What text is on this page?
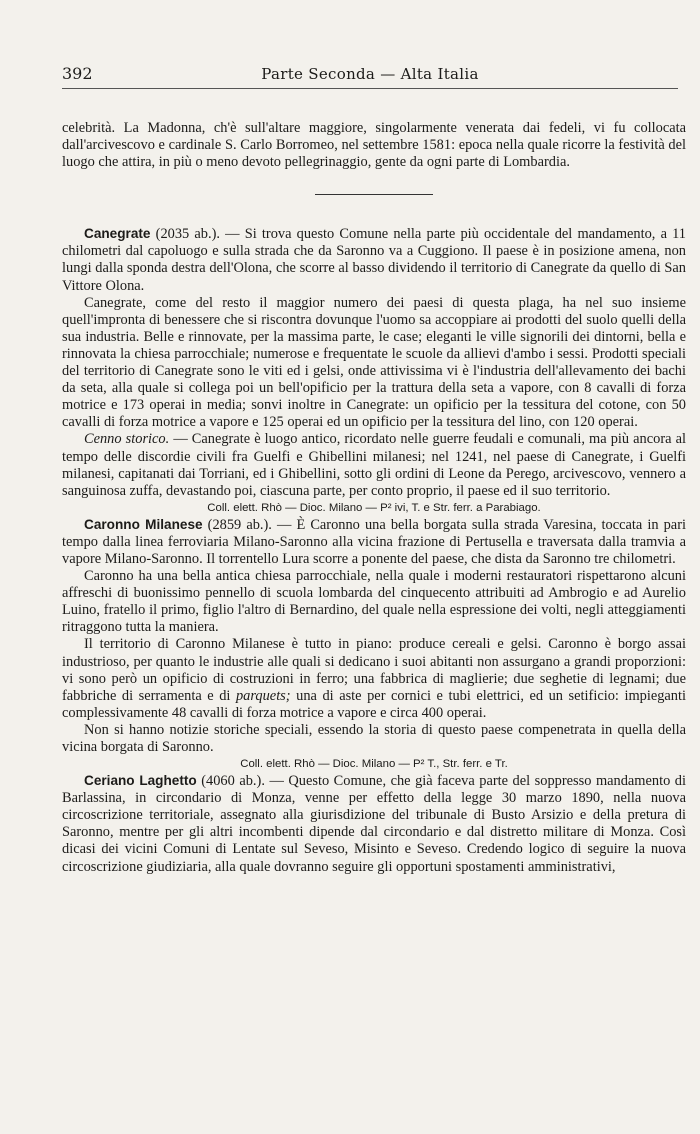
392	Parte Seconda — Alta Italia

celebrità. La Madonna, ch'è sull'altare maggiore, singolarmente venerata dai fedeli, vi fu collocata dall'arcivescovo e cardinale S. Carlo Borromeo, nel settembre 1581: epoca nella quale ricorre la festività del luogo che attira, in più o meno devoto pellegrinaggio, gente da ogni parte di Lombardia.

Canegrate (2035 ab.). — Si trova questo Comune nella parte più occidentale del mandamento, a 11 chilometri dal capoluogo e sulla strada che da Saronno va a Cuggiono. Il paese è in posizione amena, non lungi dalla sponda destra dell'Olona, che scorre al basso dividendo il territorio di Canegrate da quello di San Vittore Olona.

Canegrate, come del resto il maggior numero dei paesi di questa plaga, ha nel suo insieme quell'impronta di benessere che si riscontra dovunque l'uomo sa accoppiare ai prodotti del suolo quelli della sua industria. Belle e rinnovate, per la massima parte, le case; eleganti le ville signorili dei dintorni, bella e rinnovata la chiesa parrocchiale; numerose e frequentate le scuole da allievi d'ambo i sessi. Prodotti speciali del territorio di Canegrate sono le viti ed i gelsi, onde attivissima vi è l'industria dell'allevamento dei bachi da seta, alla quale si collega poi un bell'opificio per la trattura della seta a vapore, con 8 cavalli di forza motrice e 173 operai in media; sonvi inoltre in Canegrate: un opificio per la tessitura del cotone, con 50 cavalli di forza motrice a vapore e 125 operai ed un opificio per la tessitura del lino, con 120 operai.

Cenno storico. — Canegrate è luogo antico, ricordato nelle guerre feudali e comunali, ma più ancora al tempo delle discordie civili fra Guelfi e Ghibellini milanesi; nel 1241, nel paese di Canegrate, i Guelfi milanesi, capitanati dai Torriani, ed i Ghibellini, sotto gli ordini di Leone da Perego, arcivescovo, vennero a sanguinosa zuffa, devastando poi, ciascuna parte, per conto proprio, il paese ed il suo territorio.

Coll. elett. Rhò — Dioc. Milano — P² ivi, T. e Str. ferr. a Parabiago.

Caronno Milanese (2859 ab.). — È Caronno una bella borgata sulla strada Varesina, toccata in pari tempo dalla linea ferroviaria Milano-Saronno alla vicina frazione di Pertusella e traversata dalla tramvia a vapore Milano-Saronno. Il torrentello Lura scorre a ponente del paese, che dista da Saronno tre chilometri.

Caronno ha una bella antica chiesa parrocchiale, nella quale i moderni restauratori rispettarono alcuni affreschi di buonissimo pennello di scuola lombarda del cinquecento attribuiti ad Ambrogio e ad Aurelio Luino, fratello il primo, figlio l'altro di Bernardino, del quale nella espressione dei volti, negli atteggiamenti ritraggono tutta la maniera.

Il territorio di Caronno Milanese è tutto in piano: produce cereali e gelsi. Caronno è borgo assai industrioso, per quanto le industrie alle quali si dedicano i suoi abitanti non assurgano a grandi proporzioni: vi sono però un opificio di costruzioni in ferro; una fabbrica di maglierie; due seghetie di legnami; due fabbriche di serramenta e di parquets; una di aste per cornici e tubi elettrici, ed un setificio: impieganti complessivamente 48 cavalli di forza motrice a vapore e circa 400 operai.

Non si hanno notizie storiche speciali, essendo la storia di questo paese compenetrata in quella della vicina borgata di Saronno.

Coll. elett. Rhò — Dioc. Milano — P² T., Str. ferr. e Tr.

Ceriano Laghetto (4060 ab.). — Questo Comune, che già faceva parte del soppresso mandamento di Barlassina, in circondario di Monza, venne per effetto della legge 30 marzo 1890, nella nuova circoscrizione territoriale, assegnato alla giurisdizione del tribunale di Busto Arsizio e della pretura di Saronno, mentre per gli altri incombenti dipende dal circondario e dal distretto militare di Monza. Così dicasi dei vicini Comuni di Lentate sul Seveso, Misinto e Seveso. Credendo logico di seguire la nuova circoscrizione giudiziaria, alla quale dovranno seguire gli opportuni spostamenti amministrativi,
